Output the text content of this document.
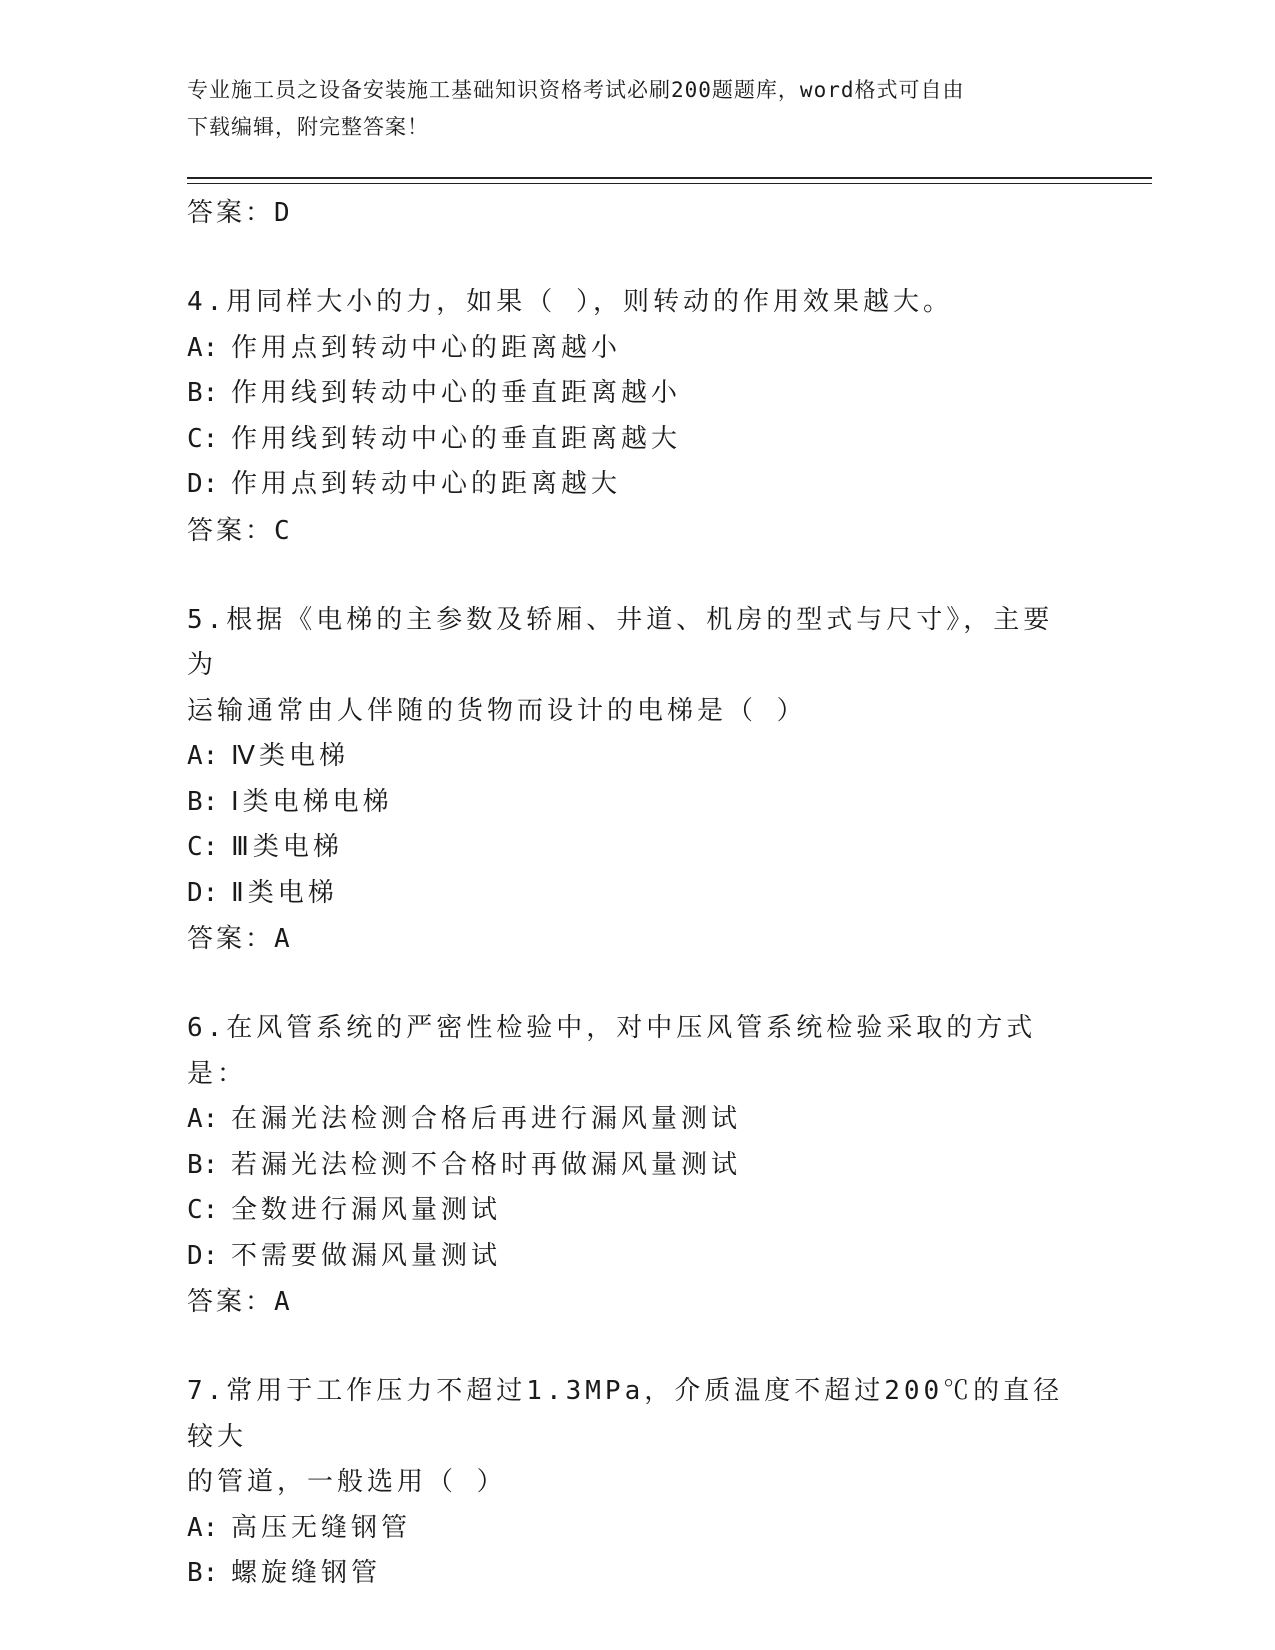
专业施工员之设备安装施工基础知识资格考试必刷200题题库，word格式可自由
下载编辑，附完整答案！
答案：D
4.用同样大小的力，如果（ ），则转动的作用效果越大。
A: 作用点到转动中心的距离越小
B: 作用线到转动中心的垂直距离越小
C: 作用线到转动中心的垂直距离越大
D: 作用点到转动中心的距离越大
答案：C
5.根据《电梯的主参数及轿厢、井道、机房的型式与尺寸》，主要为
运输通常由人伴随的货物而设计的电梯是（ ）
A: Ⅳ类电梯
B: Ⅰ类电梯电梯
C: Ⅲ类电梯
D: Ⅱ类电梯
答案：A
6.在风管系统的严密性检验中，对中压风管系统检验采取的方式是：
A: 在漏光法检测合格后再进行漏风量测试
B: 若漏光法检测不合格时再做漏风量测试
C: 全数进行漏风量测试
D: 不需要做漏风量测试
答案：A
7.常用于工作压力不超过1.3MPa，介质温度不超过200℃的直径较大
的管道，一般选用（ ）
A: 高压无缝钢管
B: 螺旋缝钢管
